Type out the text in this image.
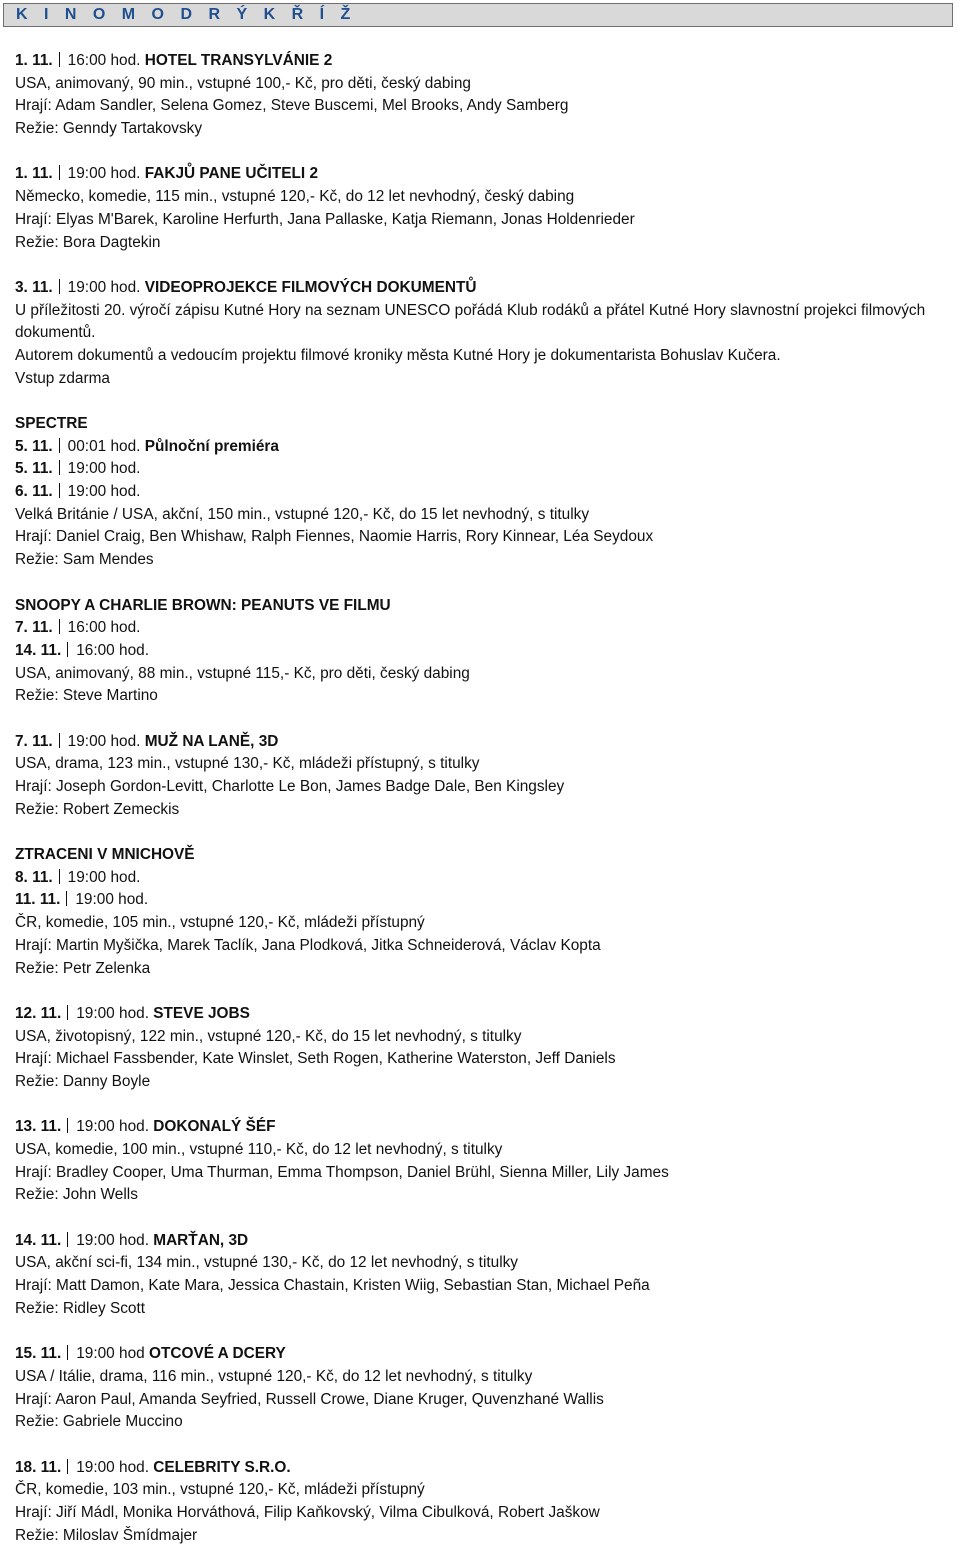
K I N O M O D R Ý K Ř Í Ž
1. 11. 16:00 hod. HOTEL TRANSYLVÁNIE 2
USA, animovaný, 90 min., vstupné 100,- Kč, pro děti, český dabing
Hrají: Adam Sandler, Selena Gomez, Steve Buscemi, Mel Brooks, Andy Samberg
Režie: Genndy Tartakovsky
1. 11. 19:00 hod. FAKJŮ PANE UČITELI 2
Německo, komedie, 115 min., vstupné 120,- Kč, do 12 let nevhodný, český dabing
Hrají: Elyas M'Barek, Karoline Herfurth, Jana Pallaske, Katja Riemann, Jonas Holdenrieder
Režie: Bora Dagtekin
3. 11. 19:00 hod. VIDEOPROJEKCE FILMOVÝCH DOKUMENTŮ
U příležitosti 20. výročí zápisu Kutné Hory na seznam UNESCO pořádá Klub rodáků a přátel Kutné Hory slavnostní projekci filmových dokumentů.
Autorem dokumentů a vedoucím projektu filmové kroniky města Kutné Hory je dokumentarista Bohuslav Kučera.
Vstup zdarma
SPECTRE
5. 11. 00:01 hod. Půlnoční premiéra
5. 11. 19:00 hod.
6. 11. 19:00 hod.
Velká Británie / USA, akční, 150 min., vstupné 120,- Kč, do 15 let nevhodný, s titulky
Hrají: Daniel Craig, Ben Whishaw, Ralph Fiennes, Naomie Harris, Rory Kinnear, Léa Seydoux
Režie: Sam Mendes
SNOOPY A CHARLIE BROWN: PEANUTS VE FILMU
7. 11. 16:00 hod.
14. 11. 16:00 hod.
USA, animovaný, 88 min., vstupné 115,- Kč, pro děti, český dabing
Režie: Steve Martino
7. 11. 19:00 hod. MUŽ NA LANĚ, 3D
USA, drama, 123 min., vstupné 130,- Kč, mládeži přístupný, s titulky
Hrají: Joseph Gordon-Levitt, Charlotte Le Bon, James Badge Dale, Ben Kingsley
Režie: Robert Zemeckis
ZTRACENI V MNICHOVĚ
8. 11. 19:00 hod.
11. 11. 19:00 hod.
ČR, komedie, 105 min., vstupné 120,- Kč, mládeži přístupný
Hrají: Martin Myšička, Marek Taclík, Jana Plodková, Jitka Schneiderová, Václav Kopta
Režie: Petr Zelenka
12. 11. 19:00 hod. STEVE JOBS
USA, životopisný, 122 min., vstupné 120,- Kč, do 15 let nevhodný, s titulky
Hrají: Michael Fassbender, Kate Winslet, Seth Rogen, Katherine Waterston, Jeff Daniels
Režie: Danny Boyle
13. 11. 19:00 hod. DOKONALÝ ŠÉF
USA, komedie, 100 min., vstupné 110,- Kč, do 12 let nevhodný, s titulky
Hrají: Bradley Cooper, Uma Thurman, Emma Thompson, Daniel Brühl, Sienna Miller, Lily James
Režie: John Wells
14. 11. 19:00 hod. MARŤAN, 3D
USA, akční sci-fi, 134 min., vstupné 130,- Kč, do 12 let nevhodný, s titulky
Hrají: Matt Damon, Kate Mara, Jessica Chastain, Kristen Wiig, Sebastian Stan, Michael Peña
Režie: Ridley Scott
15. 11. 19:00 hod OTCOVÉ A DCERY
USA / Itálie, drama, 116 min., vstupné 120,- Kč, do 12 let nevhodný, s titulky
Hrají: Aaron Paul, Amanda Seyfried, Russell Crowe, Diane Kruger, Quvenzhané Wallis
Režie: Gabriele Muccino
18. 11. 19:00 hod. CELEBRITY S.R.O.
ČR, komedie, 103 min., vstupné 120,- Kč, mládeži přístupný
Hrají: Jiří Mádl, Monika Horváthová, Filip Kaňkovský, Vilma Cibulková, Robert Jaškow
Režie: Miloslav Šmídmajer
